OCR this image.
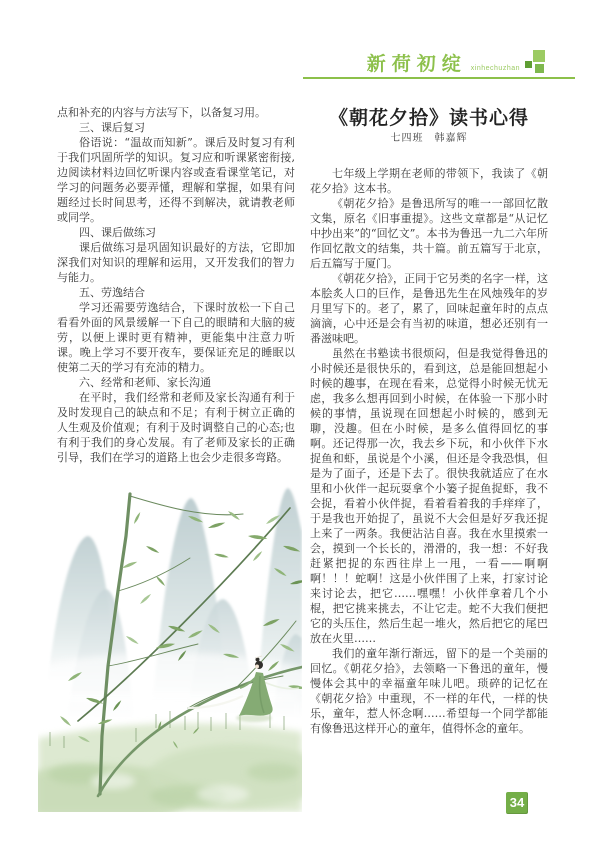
新荷初绽 xinhechuzhan

点和补充的内容与方法写下，以备复习用。

三、课后复习

俗语说：“温故而知新”。课后及时复习有利于我们巩固所学的知识。复习应和听课紧密衔接,边阅读材料边回忆听课内容或查看课堂笔记，对学习的问题务必要弄懂，理解和掌握，如果有问题经过长时间思考，还得不到解决，就请教老师或同学。

四、课后做练习

课后做练习是巩固知识最好的方法，它即加深我们对知识的理解和运用，又开发我们的智力与能力。

五、劳逸结合

学习还需要劳逸结合，下课时放松一下自己看看外面的风景缓解一下自己的眼睛和大脑的疲劳，以便上课时更有精神，更能集中注意力听课。晚上学习不要开夜车，要保证充足的睡眠以使第二天的学习有充沛的精力。

六、经常和老师、家长沟通

在平时，我们经常和老师及家长沟通有利于及时发现自己的缺点和不足；有利于树立正确的人生观及价值观；有利于及时调整自己的心态;也有利于我们的身心发展。有了老师及家长的正确引导，我们在学习的道路上也会少走很多弯路。

《朝花夕拾》读书心得

七四班　韩嘉辉

七年级上学期在老师的带领下，我读了《朝花夕拾》这本书。

《朝花夕拾》是鲁迅所写的唯一一部回忆散文集，原名《旧事重提》。这些文章都是“从记忆中抄出来”的“回忆文”。本书为鲁迅一九二六年所作回忆散文的结集，共十篇。前五篇写于北京，后五篇写于厦门。

《朝花夕拾》，正同于它另类的名字一样，这本脍炙人口的巨作，是鲁迅先生在风烛残年的岁月里写下的。老了，累了，回味起童年时的点点滴滴，心中还是会有当初的味道，想必还别有一番滋味吧。

虽然在书塾读书很烦闷，但是我觉得鲁迅的小时候还是很快乐的，看到这，总是能回想起小时候的趣事，在现在看来，总觉得小时候无忧无虑，我多么想再回到小时候，在体验一下那小时候的事情，虽说现在回想起小时候的，感到无聊，没趣。但在小时候，是多么值得回忆的事啊。还记得那一次，我去乡下玩，和小伙伴下水捉鱼和虾，虽说是个小溪，但还是令我恐惧，但是为了面子，还是下去了。很快我就适应了在水里和小伙伴一起玩耍拿个小篓子捉鱼捉虾，我不会捉，看着小伙伴捉，看着看着我的手痒痒了，于是我也开始捉了，虽说不大会但是好歹我还捉上来了一两条。我便沾沾自喜。我在水里摸索一会，摸到一个长长的，滑滑的，我一想：不好我赶紧把捉的东西往岸上一甩，一看——啊啊啊！！！蛇啊！这是小伙伴围了上来，打家讨论来讨论去，把它……嘿嘿！小伙伴拿着几个小棍，把它挑来挑去，不让它走。蛇不大我们便把它的头压住，然后生起一堆火，然后把它的尾巴放在火里……

我们的童年渐行渐远，留下的是一个美丽的回忆。《朝花夕拾》，去领略一下鲁迅的童年，慢慢体会其中的幸福童年味儿吧。琐碎的记忆在《朝花夕拾》中重现，不一样的年代，一样的快乐，童年，惹人怀念啊……希望每一个同学都能有像鲁迅这样开心的童年，值得怀念的童年。

34
